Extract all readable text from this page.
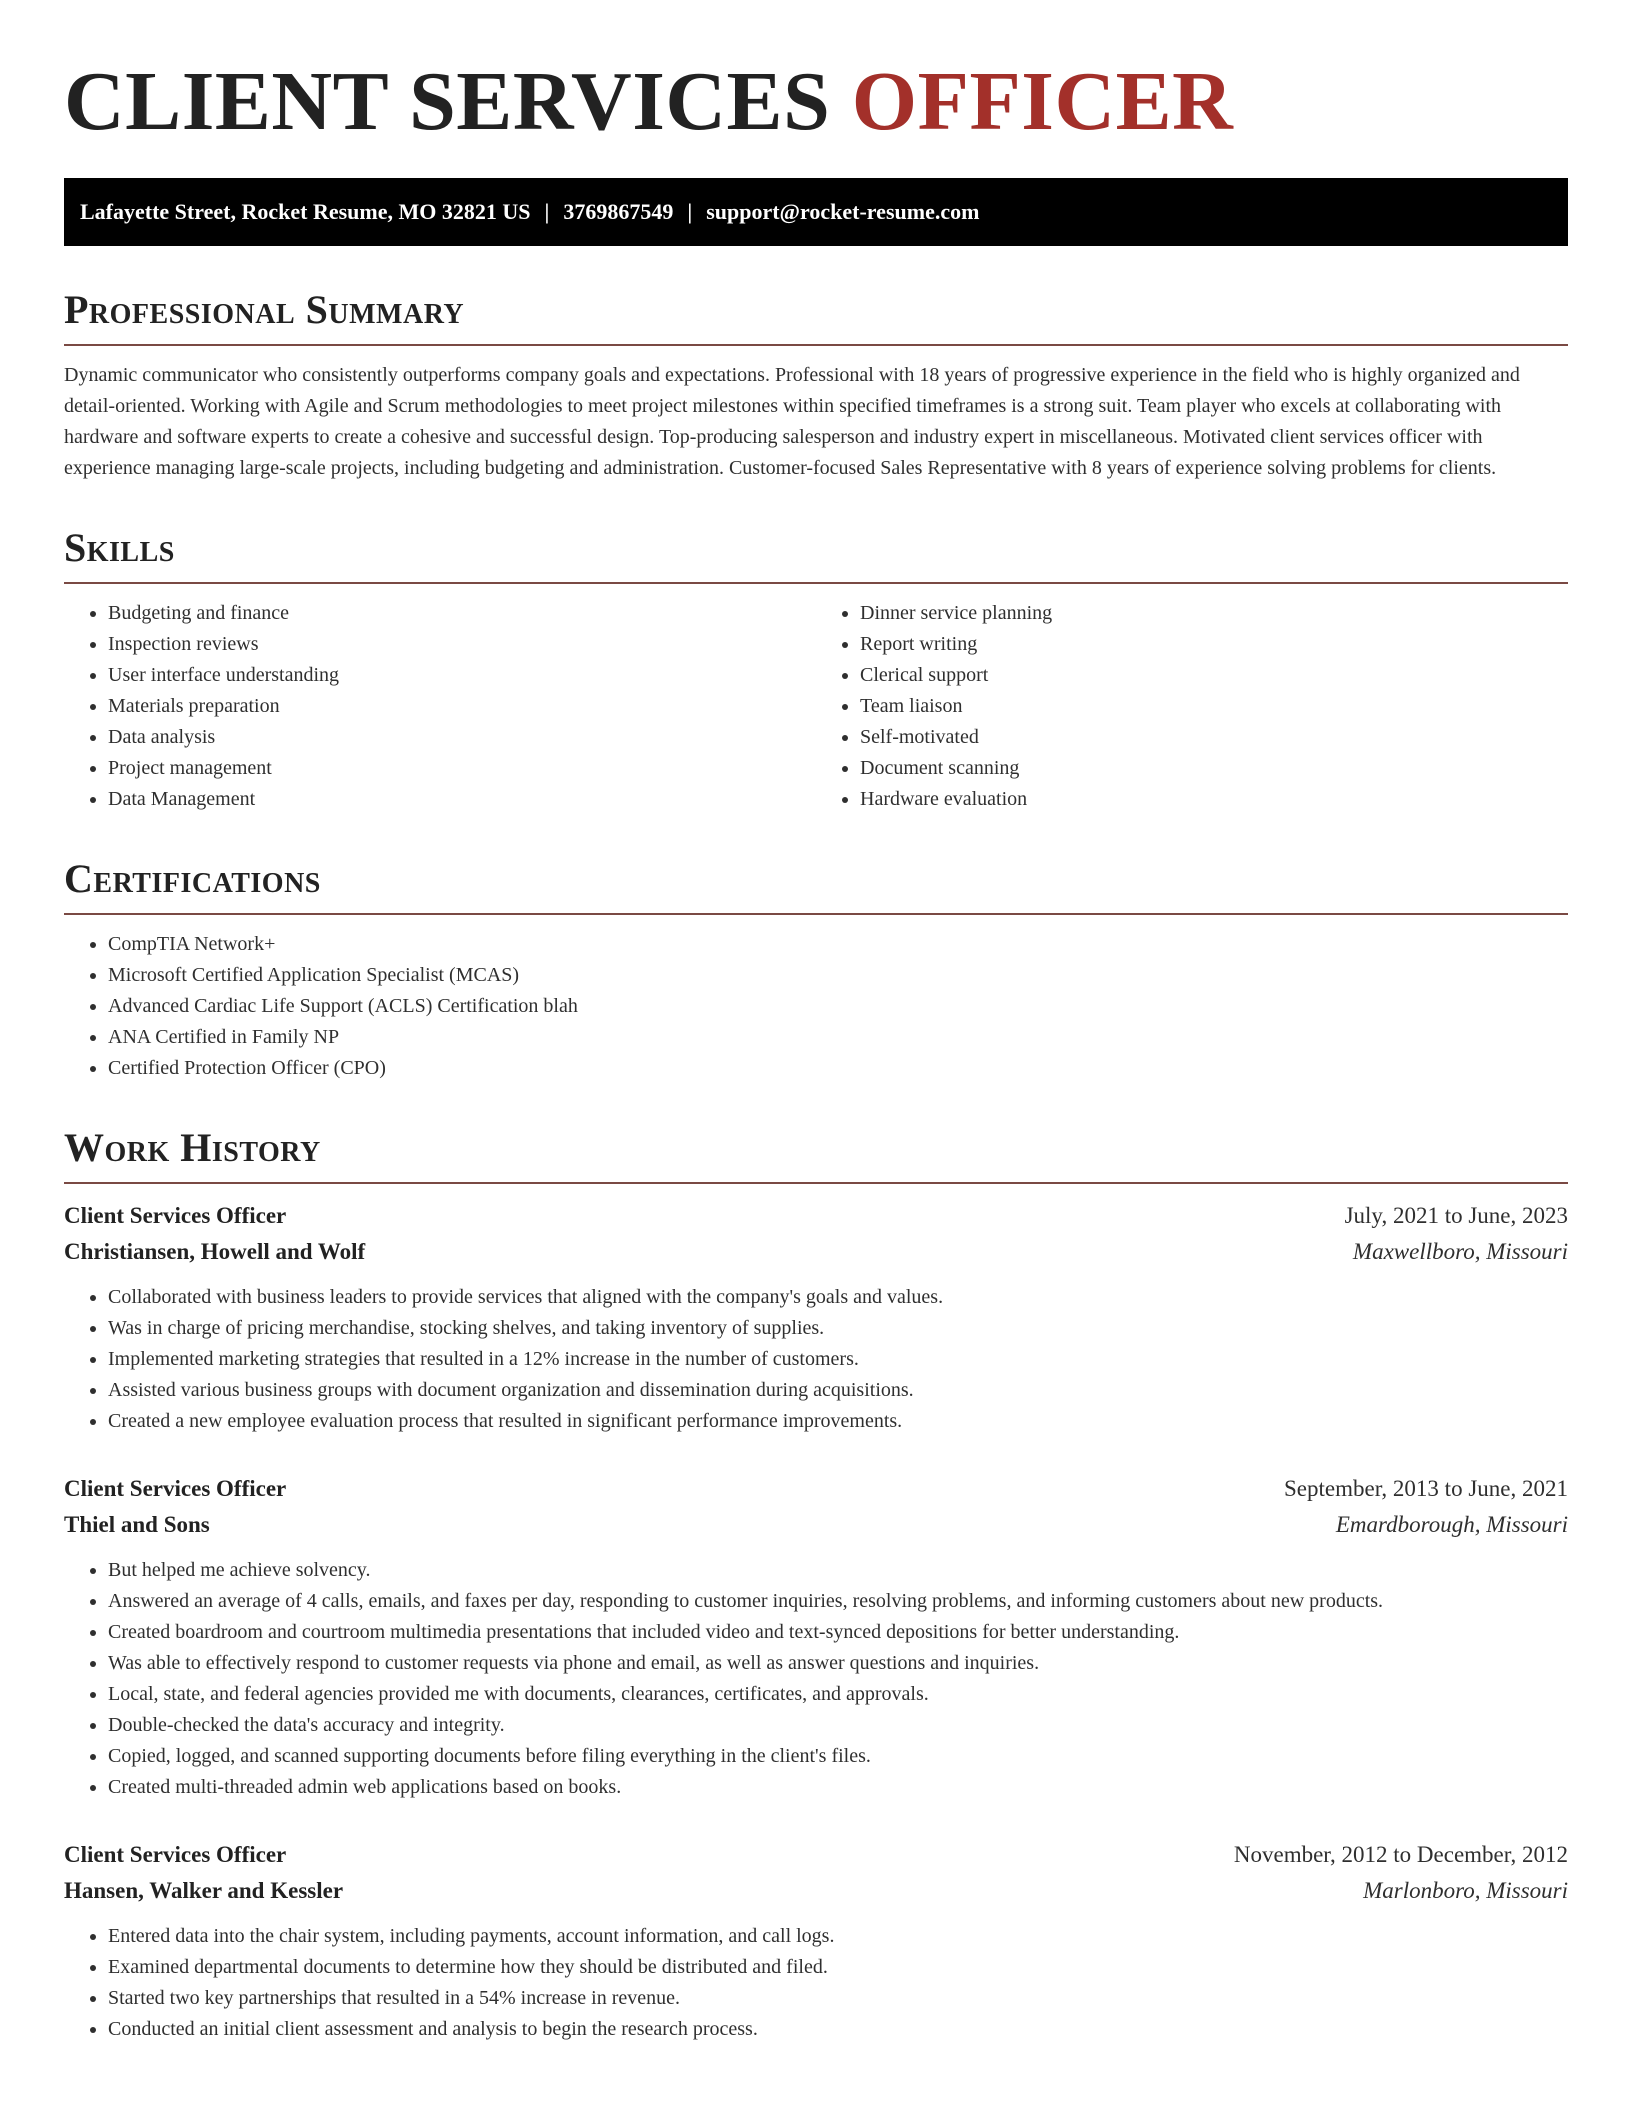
CLIENT SERVICES OFFICER
Lafayette Street, Rocket Resume, MO 32821 US | 3769867549 | support@rocket-resume.com
Professional Summary

Dynamic communicator who consistently outperforms company goals and expectations. Professional with 18 years of progressive experience in the field who is highly organized and detail-oriented. Working with Agile and Scrum methodologies to meet project milestones within specified timeframes is a strong suit. Team player who excels at collaborating with hardware and software experts to create a cohesive and successful design. Top-producing salesperson and industry expert in miscellaneous. Motivated client services officer with experience managing large-scale projects, including budgeting and administration. Customer-focused Sales Representative with 8 years of experience solving problems for clients.

Skills
• Budgeting and finance
• Inspection reviews
• User interface understanding
• Materials preparation
• Data analysis
• Project management
• Data Management
• Dinner service planning
• Report writing
• Clerical support
• Team liaison
• Self-motivated
• Document scanning
• Hardware evaluation
Certifications
• CompTIA Network+
• Microsoft Certified Application Specialist (MCAS)
• Advanced Cardiac Life Support (ACLS) Certification blah
• ANA Certified in Family NP
• Certified Protection Officer (CPO)
Work History
Client Services Officer	July, 2021 to June, 2023
Christiansen, Howell and Wolf	Maxwellboro, Missouri
• Collaborated with business leaders to provide services that aligned with the company's goals and values.
• Was in charge of pricing merchandise, stocking shelves, and taking inventory of supplies.
• Implemented marketing strategies that resulted in a 12% increase in the number of customers.
• Assisted various business groups with document organization and dissemination during acquisitions.
• Created a new employee evaluation process that resulted in significant performance improvements.
Client Services Officer	September, 2013 to June, 2021
Thiel and Sons	Emardborough, Missouri
• But helped me achieve solvency.
• Answered an average of 4 calls, emails, and faxes per day, responding to customer inquiries, resolving problems, and informing customers about new products.
• Created boardroom and courtroom multimedia presentations that included video and text-synced depositions for better understanding.
• Was able to effectively respond to customer requests via phone and email, as well as answer questions and inquiries.
• Local, state, and federal agencies provided me with documents, clearances, certificates, and approvals.
• Double-checked the data's accuracy and integrity.
• Copied, logged, and scanned supporting documents before filing everything in the client's files.
• Created multi-threaded admin web applications based on books.
Client Services Officer	November, 2012 to December, 2012
Hansen, Walker and Kessler	Marlonboro, Missouri
• Entered data into the chair system, including payments, account information, and call logs.
• Examined departmental documents to determine how they should be distributed and filed.
• Started two key partnerships that resulted in a 54% increase in revenue.
• Conducted an initial client assessment and analysis to begin the research process.
